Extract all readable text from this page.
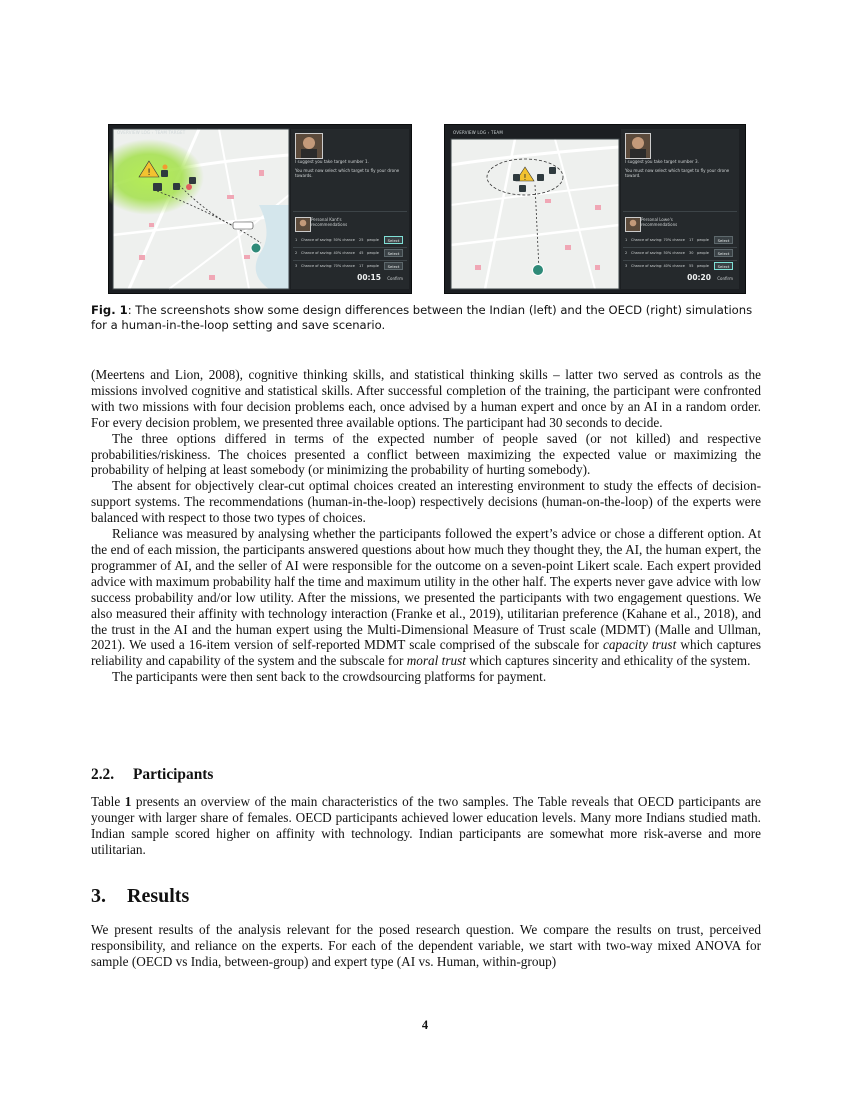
!
OVERVIEW LOG › TEAM TARGET
I suggest you take target number 1.
You must now select which target to fly your drone towards.
Personal Kant's recommendations
1 Chance of saving: 50% chance 25 people	Select
2 Chance of saving: 40% chance 45 people	Select
3 Chance of saving: 70% chance 17 people	Select
00:15 Confirm
!
OVERVIEW LOG › TEAM
I suggest you take target number 3.
You must now select which target to fly your drone toward.
Personal Lowe's recommendations
1 Chance of saving: 70% chance 17 people	Select
2 Chance of saving: 50% chance 30 people	Select
3 Chance of saving: 40% chance 55 people	Select
00:20 Confirm
Fig. 1: The screenshots show some design differences between the Indian (left) and the OECD (right) simulations for a human-in-the-loop setting and save scenario.

(Meertens and Lion, 2008), cognitive thinking skills, and statistical thinking skills – latter two served as controls as the missions involved cognitive and statistical skills. After successful completion of the training, the participant were confronted with two missions with four decision problems each, once advised by a human expert and once by an AI in a random order. For every decision problem, we presented three available options. The participant had 30 seconds to decide.

The three options differed in terms of the expected number of people saved (or not killed) and respective probabilities/riskiness. The choices presented a conflict between maximizing the expected value or maximizing the probability of helping at least somebody (or minimizing the probability of hurting somebody).

The absent for objectively clear-cut optimal choices created an interesting environment to study the effects of decision-support systems. The recommendations (human-in-the-loop) respectively decisions (human-on-the-loop) of the experts were balanced with respect to those two types of choices.

Reliance was measured by analysing whether the participants followed the expert’s advice or chose a different option. At the end of each mission, the participants answered questions about how much they thought they, the AI, the human expert, the programmer of AI, and the seller of AI were responsible for the outcome on a seven-point Likert scale. Each expert provided advice with maximum probability half the time and maximum utility in the other half. The experts never gave advice with low success probability and/or low utility. After the missions, we presented the participants with two engagement questions. We also measured their affinity with technology interaction (Franke et al., 2019), utilitarian preference (Kahane et al., 2018), and the trust in the AI and the human expert using the Multi-Dimensional Measure of Trust scale (MDMT) (Malle and Ullman, 2021). We used a 16-item version of self-reported MDMT scale comprised of the subscale for capacity trust which captures reliability and capability of the system and the subscale for moral trust which captures sincerity and ethicality of the system.

The participants were then sent back to the crowdsourcing platforms for payment.

2.2. Participants

Table 1 presents an overview of the main characteristics of the two samples. The Table reveals that OECD participants are younger with larger share of females. OECD participants achieved lower education levels. Many more Indians studied math. Indian sample scored higher on affinity with technology. Indian participants are somewhat more risk-averse and more utilitarian.

3. Results

We present results of the analysis relevant for the posed research question. We compare the results on trust, perceived responsibility, and reliance on the experts. For each of the dependent variable, we start with two-way mixed ANOVA for sample (OECD vs India, between-group) and expert type (AI vs. Human, within-group)

4
